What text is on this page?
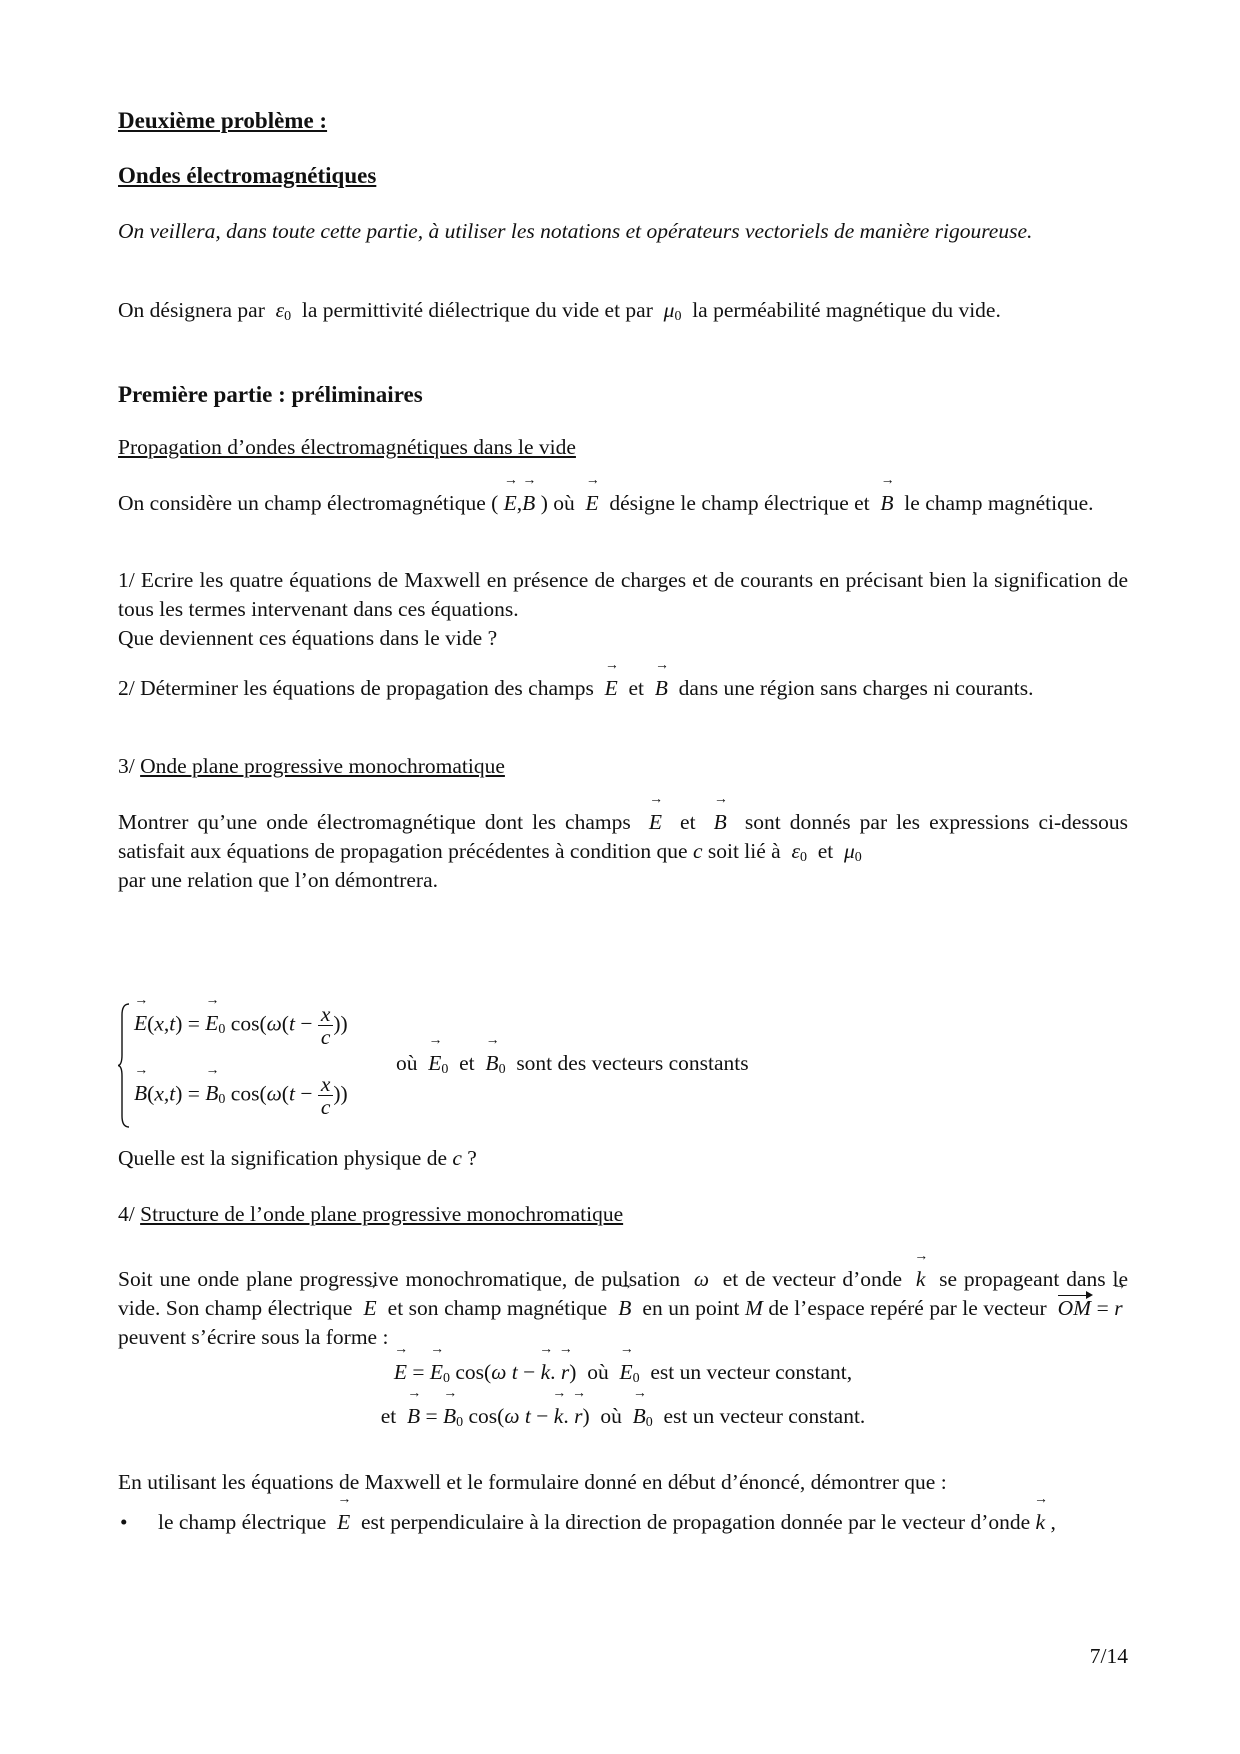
Deuxième problème :
Ondes électromagnétiques

On veillera, dans toute cette partie, à utiliser les notations et opérateurs vectoriels de manière rigoureuse.

On désignera par $\varepsilon_0$ la permittivité diélectrique du vide et par $\mu_0$ la perméabilité magnétique du vide.

Première partie : préliminaires
Propagation d’ondes électromagnétiques dans le vide

On considère un champ électromagnétique ( → E,→ B ) où → E désigne le champ électrique et → B le champ magnétique.

1/ Ecrire les quatre équations de Maxwell en présence de charges et de courants en précisant bien la signification de tous les termes intervenant dans ces équations.
Que deviennent ces équations dans le vide ?

2/ Déterminer les équations de propagation des champs → E et → B dans une région sans charges ni courants.

3/ Onde plane progressive monochromatique

Montrer qu’une onde électromagnétique dont les champs → E et → B sont donnés par les expressions ci-dessous satisfait aux équations de propagation précédentes à condition que c soit lié à $\varepsilon_0$ et $\mu_0$
par une relation que l’on démontrera.

→ E(x,t) = → $E_0$ $\cos(\omega(t - \frac{x}{c}$ ))
où → $E_0$ et → $B_0$ sont des vecteurs constants
→ B(x,t) = → $B_0$ $\cos(\omega(t - \frac{x}{c}$ ))

Quelle est la signification physique de c ?

4/ Structure de l’onde plane progressive monochromatique

Soit une onde plane progressive monochromatique, de pulsation ω et de vecteur d’onde → k se propageant dans le vide. Son champ électrique → E et son champ magnétique → B en un point M de l’espace repéré par le vecteur OM = → r  peuvent s’écrire sous la forme :

→ E = → $E_0$ cos(ω t − → k. → r)  où → $E_0$ est un vecteur constant,
et → B = → $B_0$ cos(ω t − → k. → r)  où → $B_0$ est un vecteur constant.

En utilisant les équations de Maxwell et le formulaire donné en début d’énoncé, démontrer que :

• le champ électrique → E est perpendiculaire à la direction de propagation donnée par le vecteur d’onde → k ,
7/14
